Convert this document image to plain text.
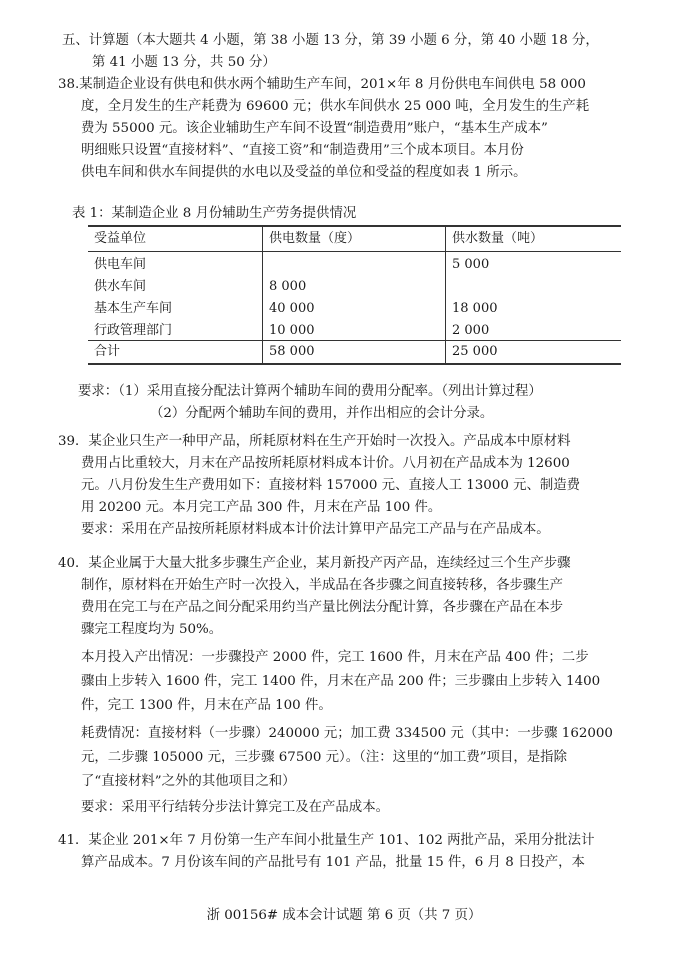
五、计算题（本大题共 4 小题，第 38 小题 13 分，第 39 小题 6 分，第 40 小题 18 分，
第 41 小题 13 分，共 50 分）
38.某制造企业设有供电和供水两个辅助生产车间，201×年 8 月份供电车间供电 58 000
度，全月发生的生产耗费为 69600 元；供水车间供水 25 000 吨，全月发生的生产耗
费为 55000 元。该企业辅助生产车间不设置“制造费用”账户，“基本生产成本”
明细账只设置“直接材料”、“直接工资”和“制造费用”三个成本项目。本月份
供电车间和供水车间提供的水电以及受益的单位和受益的程度如表 1 所示。
表 1：某制造企业 8 月份辅助生产劳务提供情况
受益单位	供电数量（度）	供水数量（吨）
供电车间		5 000
供水车间	8 000	
基本生产车间	40 000	18 000
行政管理部门	10 000	2 000
合计	58 000	25 000
要求：（1）采用直接分配法计算两个辅助车间的费用分配率。（列出计算过程）
（2）分配两个辅助车间的费用，并作出相应的会计分录。
39．某企业只生产一种甲产品，所耗原材料在生产开始时一次投入。产品成本中原材料
费用占比重较大，月末在产品按所耗原材料成本计价。八月初在产品成本为 12600
元。八月份发生生产费用如下：直接材料 157000 元、直接人工 13000 元、制造费
用 20200 元。本月完工产品 300 件，月末在产品 100 件。
要求：采用在产品按所耗原材料成本计价法计算甲产品完工产品与在产品成本。
40．某企业属于大量大批多步骤生产企业，某月新投产丙产品，连续经过三个生产步骤
制作，原材料在开始生产时一次投入，半成品在各步骤之间直接转移，各步骤生产
费用在完工与在产品之间分配采用约当产量比例法分配计算，各步骤在产品在本步
骤完工程度均为 50%。
本月投入产出情况：一步骤投产 2000 件，完工 1600 件，月末在产品 400 件；二步
骤由上步转入 1600 件，完工 1400 件，月末在产品 200 件；三步骤由上步转入 1400
件，完工 1300 件，月末在产品 100 件。
耗费情况：直接材料（一步骤）240000 元；加工费 334500 元（其中：一步骤 162000
元，二步骤 105000 元，三步骤 67500 元）。（注：这里的“加工费”项目，是指除
了“直接材料”之外的其他项目之和）
要求：采用平行结转分步法计算完工及在产品成本。
41．某企业 201×年 7 月份第一生产车间小批量生产 101、102 两批产品，采用分批法计
算产品成本。7 月份该车间的产品批号有 101 产品，批量 15 件，6 月 8 日投产，本
浙 00156# 成本会计试题 第 6 页（共 7 页）
